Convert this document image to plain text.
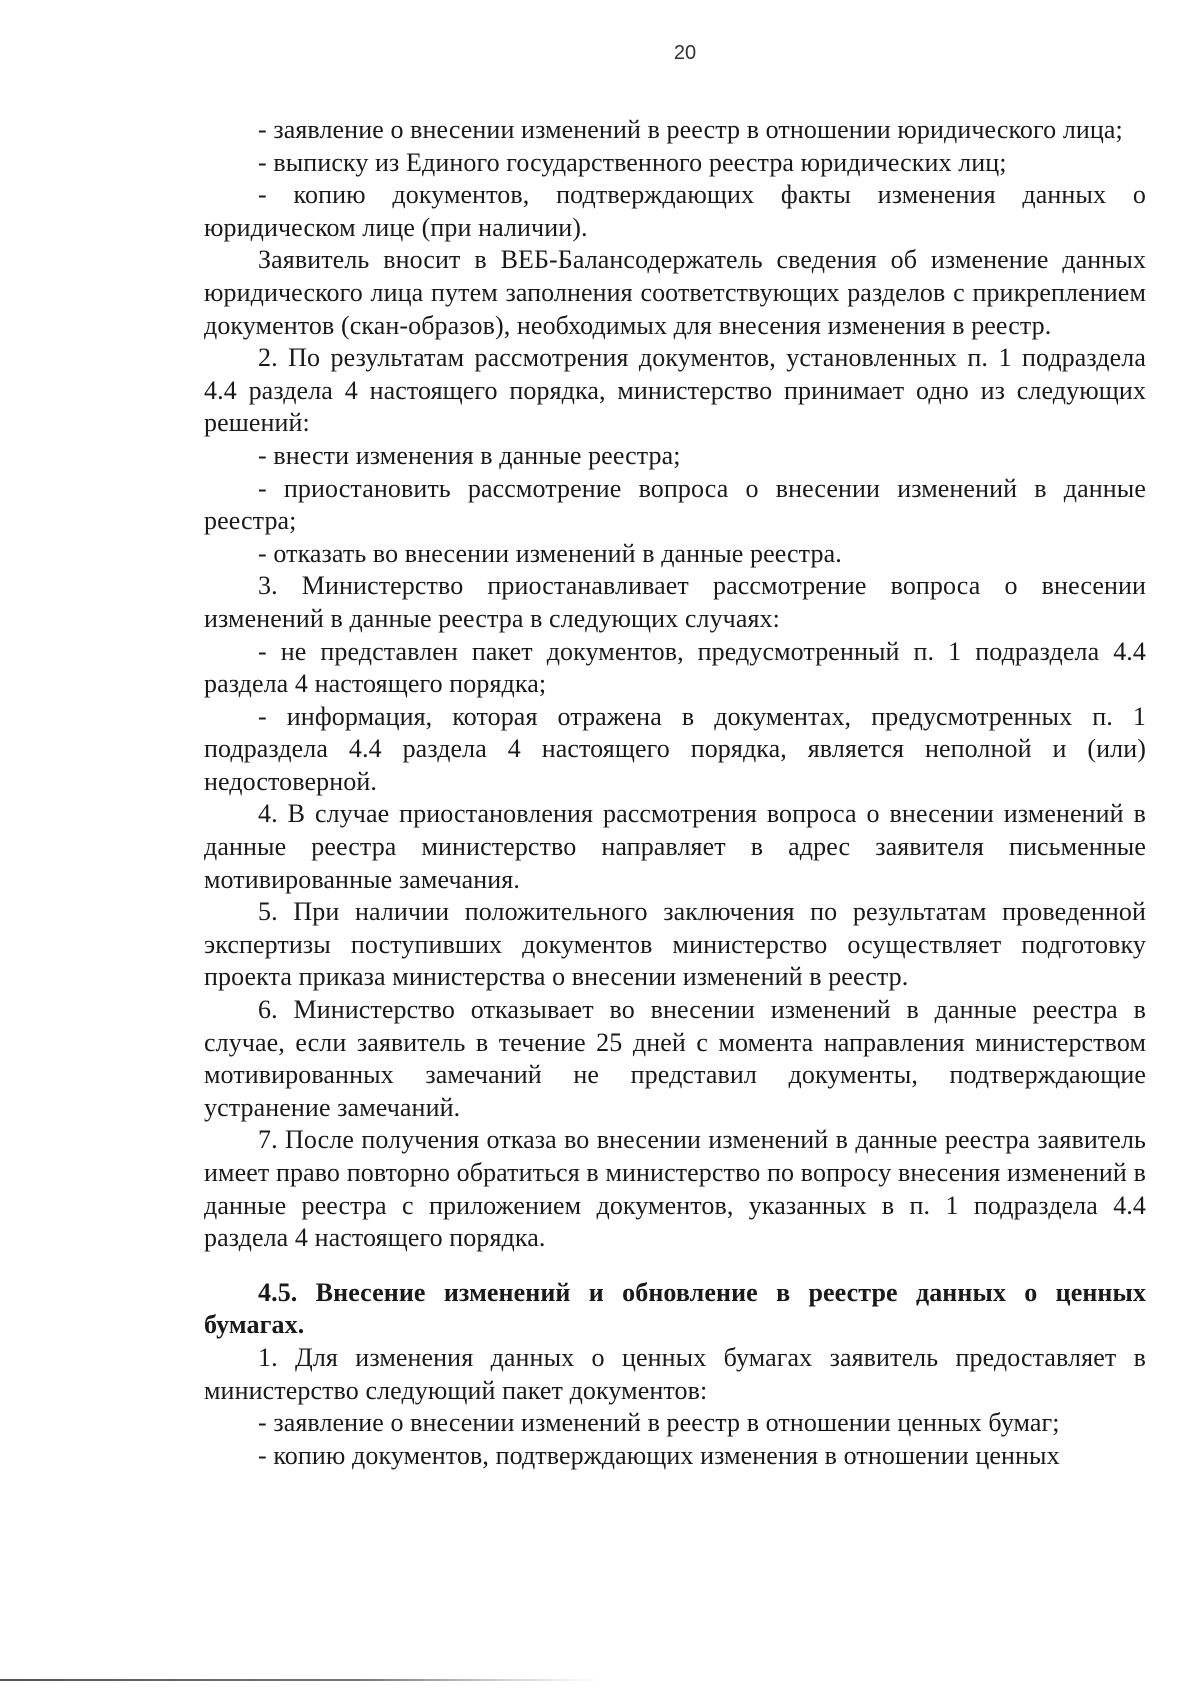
20

- заявление о внесении изменений в реестр в отношении юридического лица;

- выписку из Единого государственного реестра юридических лиц;

- копию документов, подтверждающих факты изменения данных о юридическом лице (при наличии).

Заявитель вносит в ВЕБ-Балансодержатель сведения об изменение данных юридического лица путем заполнения соответствующих разделов с прикреплением документов (скан-образов), необходимых для внесения изменения в реестр.

2. По результатам рассмотрения документов, установленных п. 1 подраздела 4.4 раздела 4 настоящего порядка, министерство принимает одно из следующих решений:

- внести изменения в данные реестра;

- приостановить рассмотрение вопроса о внесении изменений в данные реестра;

- отказать во внесении изменений в данные реестра.

3. Министерство приостанавливает рассмотрение вопроса о внесении изменений в данные реестра в следующих случаях:

- не представлен пакет документов, предусмотренный п. 1 подраздела 4.4 раздела 4 настоящего порядка;

- информация, которая отражена в документах, предусмотренных п. 1 подраздела 4.4 раздела 4 настоящего порядка, является неполной и (или) недостоверной.

4. В случае приостановления рассмотрения вопроса о внесении изменений в данные реестра министерство направляет в адрес заявителя письменные мотивированные замечания.

5. При наличии положительного заключения по результатам проведенной экспертизы поступивших документов министерство осуществляет подготовку проекта приказа министерства о внесении изменений в реестр.

6. Министерство отказывает во внесении изменений в данные реестра в случае, если заявитель в течение 25 дней с момента направления министерством мотивированных замечаний не представил документы, подтверждающие устранение замечаний.

7. После получения отказа во внесении изменений в данные реестра заявитель имеет право повторно обратиться в министерство по вопросу внесения изменений в данные реестра с приложением документов, указанных в п. 1 подраздела 4.4 раздела 4 настоящего порядка.

4.5. Внесение изменений и обновление в реестре данных о ценных бумагах.

1. Для изменения данных о ценных бумагах заявитель предоставляет в министерство следующий пакет документов:

- заявление о внесении изменений в реестр в отношении ценных бумаг;

- копию документов, подтверждающих изменения в отношении ценных
